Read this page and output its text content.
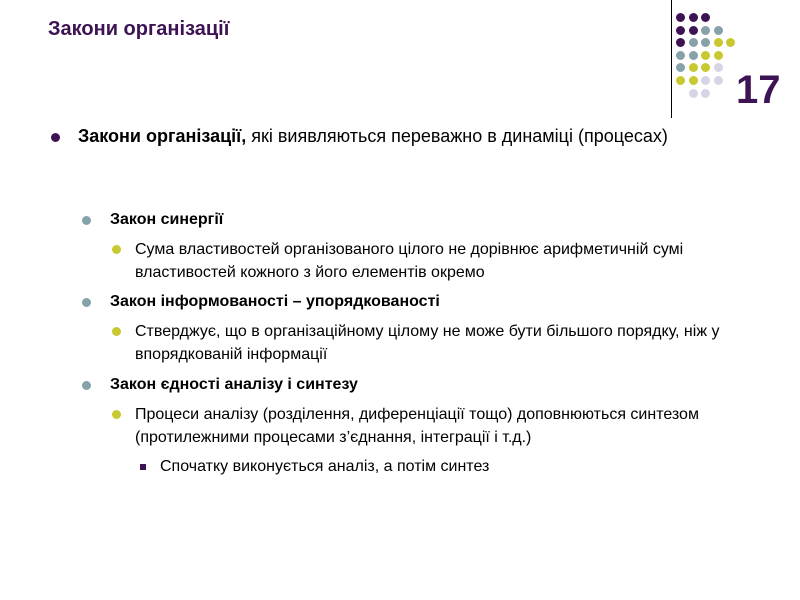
Закони організації
17
Закони організації, які виявляються переважно в динаміці (процесах)
Закон синергії
Сума властивостей організованого цілого не дорівнює арифметичній сумі властивостей кожного з його елементів окремо
Закон інформованості – упорядкованості
Стверджує, що в організаційному цілому не може бути більшого порядку, ніж у впорядкованій інформації
Закон єдності аналізу і синтезу
Процеси аналізу (розділення, диференціації тощо) доповнюються синтезом (протилежними процесами з’єднання, інтеграції і т.д.)
Спочатку виконується аналіз, а потім синтез
